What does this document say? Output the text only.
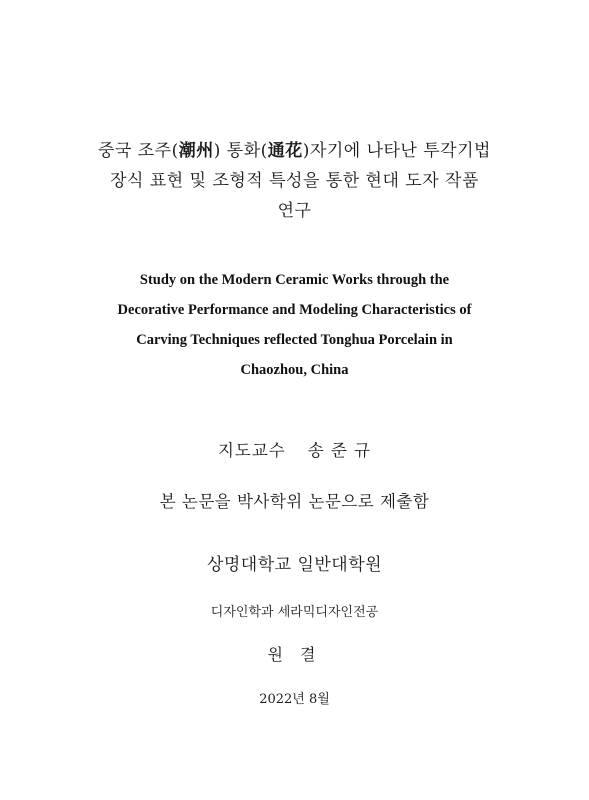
중국 조주(潮州) 통화(通花)자기에 나타난 투각기법
장식 표현 및 조형적 특성을 통한 현대 도자 작품
연구
Study on the Modern Ceramic Works through the
Decorative Performance and Modeling Characteristics of
Carving Techniques reflected Tonghua Porcelain in
Chaozhou, China
지도교수 송 준 규
본 논문을 박사학위 논문으로 제출함
상명대학교 일반대학원
디자인학과 세라믹디자인전공
원 결
2022년 8월
